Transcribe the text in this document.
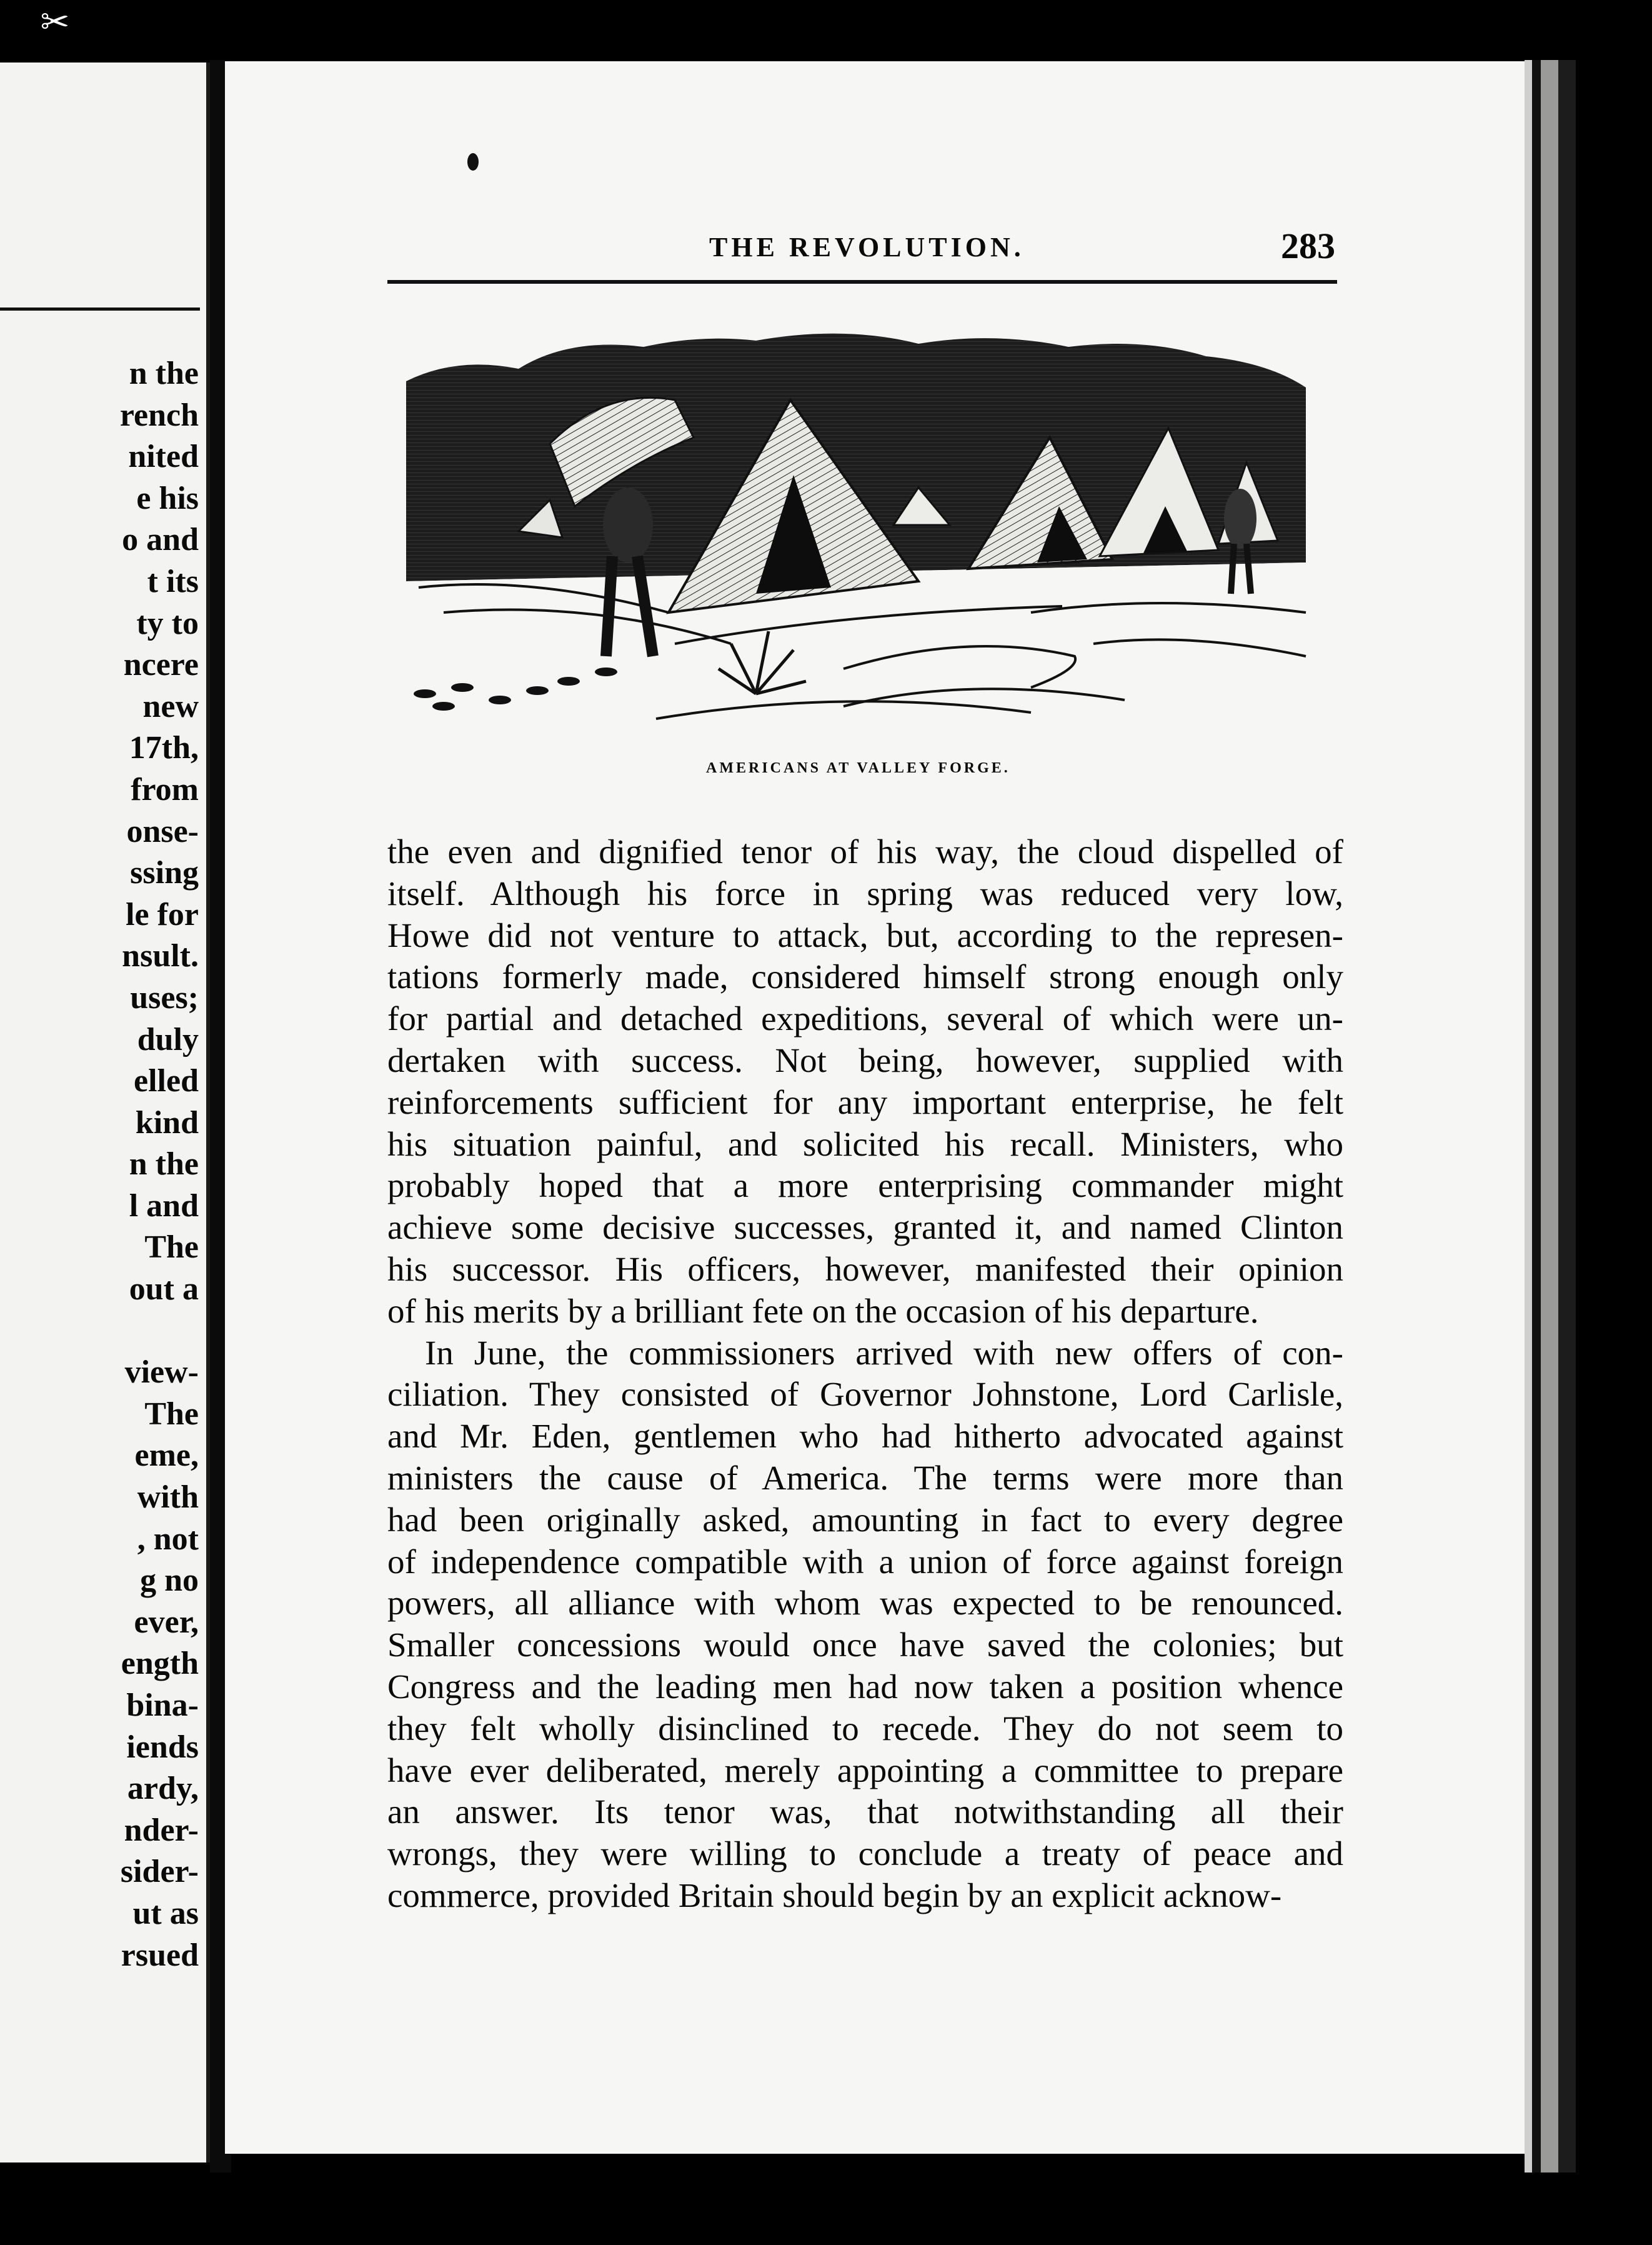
✂
n the
rench
nited
e his
o and
t its
ty to
ncere
new
17th,
from
onse-
ssing
le for
nsult.
uses;
duly
elled
kind
n the
l and
The
out a
view-
The
eme,
with
, not
g no
ever,
ength
bina-
iends
ardy,
nder-
sider-
ut as
rsued
THE REVOLUTION.	283
AMERICANS AT VALLEY FORGE.
the even and dignified tenor of his way, the cloud dispelled of
itself. Although his force in spring was reduced very low,
Howe did not venture to attack, but, according to the represen-
tations formerly made, considered himself strong enough only
for partial and detached expeditions, several of which were un-
dertaken with success. Not being, however, supplied with
reinforcements sufficient for any important enterprise, he felt
his situation painful, and solicited his recall. Ministers, who
probably hoped that a more enterprising commander might
achieve some decisive successes, granted it, and named Clinton
his successor. His officers, however, manifested their opinion
of his merits by a brilliant fete on the occasion of his departure.
In June, the commissioners arrived with new offers of con-
ciliation. They consisted of Governor Johnstone, Lord Carlisle,
and Mr. Eden, gentlemen who had hitherto advocated against
ministers the cause of America. The terms were more than
had been originally asked, amounting in fact to every degree
of independence compatible with a union of force against foreign
powers, all alliance with whom was expected to be renounced.
Smaller concessions would once have saved the colonies; but
Congress and the leading men had now taken a position whence
they felt wholly disinclined to recede. They do not seem to
have ever deliberated, merely appointing a committee to prepare
an answer. Its tenor was, that notwithstanding all their
wrongs, they were willing to conclude a treaty of peace and
commerce, provided Britain should begin by an explicit acknow-
